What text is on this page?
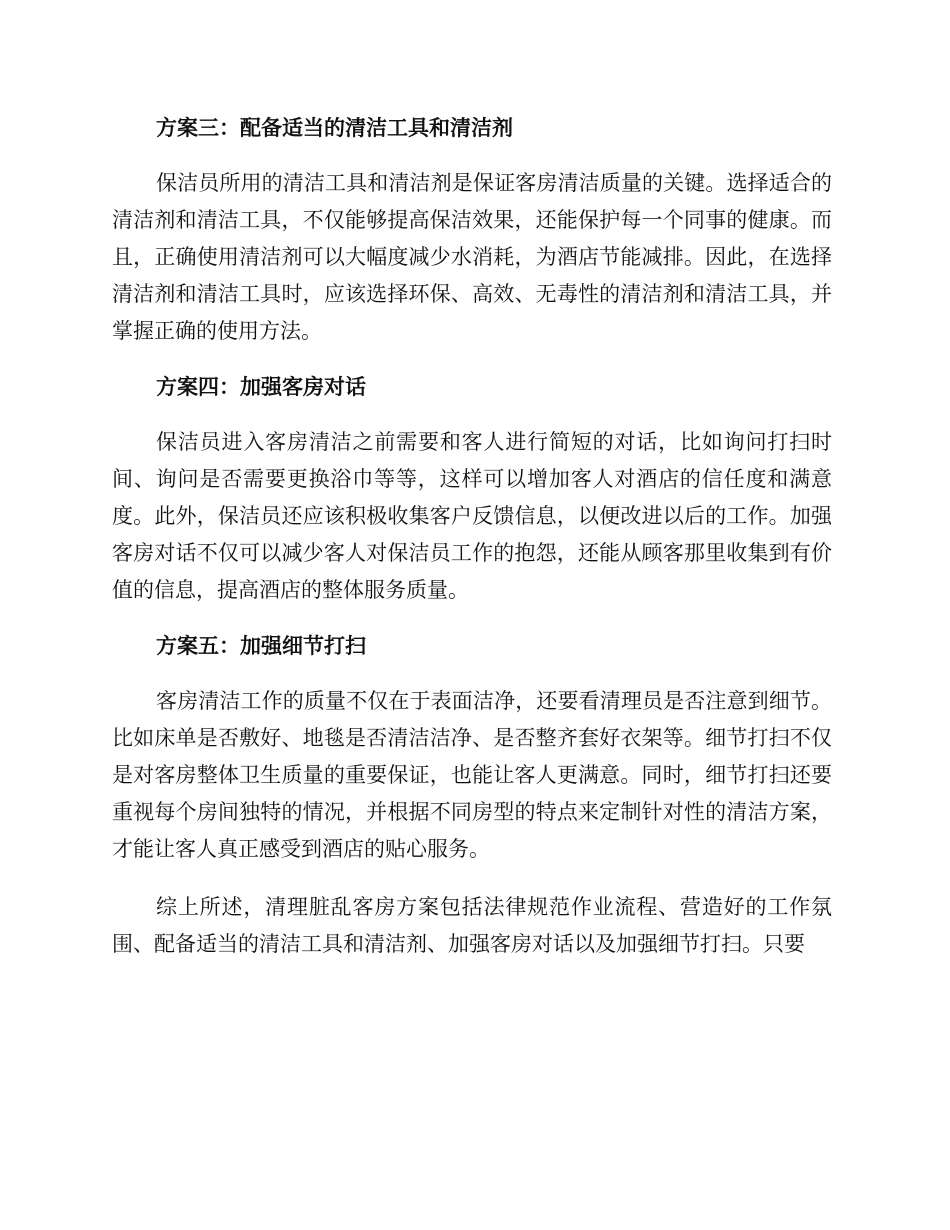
方案三：配备适当的清洁工具和清洁剂

保洁员所用的清洁工具和清洁剂是保证客房清洁质量的关键。选择适合的清洁剂和清洁工具，不仅能够提高保洁效果，还能保护每一个同事的健康。而且，正确使用清洁剂可以大幅度减少水消耗，为酒店节能减排。因此，在选择清洁剂和清洁工具时，应该选择环保、高效、无毒性的清洁剂和清洁工具，并掌握正确的使用方法。

方案四：加强客房对话

保洁员进入客房清洁之前需要和客人进行简短的对话，比如询问打扫时间、询问是否需要更换浴巾等等，这样可以增加客人对酒店的信任度和满意度。此外，保洁员还应该积极收集客户反馈信息，以便改进以后的工作。加强客房对话不仅可以减少客人对保洁员工作的抱怨，还能从顾客那里收集到有价值的信息，提高酒店的整体服务质量。

方案五：加强细节打扫

客房清洁工作的质量不仅在于表面洁净，还要看清理员是否注意到细节。比如床单是否敷好、地毯是否清洁洁净、是否整齐套好衣架等。细节打扫不仅是对客房整体卫生质量的重要保证，也能让客人更满意。同时，细节打扫还要重视每个房间独特的情况，并根据不同房型的特点来定制针对性的清洁方案，才能让客人真正感受到酒店的贴心服务。

综上所述，清理脏乱客房方案包括法律规范作业流程、营造好的工作氛围、配备适当的清洁工具和清洁剂、加强客房对话以及加强细节打扫。只要
